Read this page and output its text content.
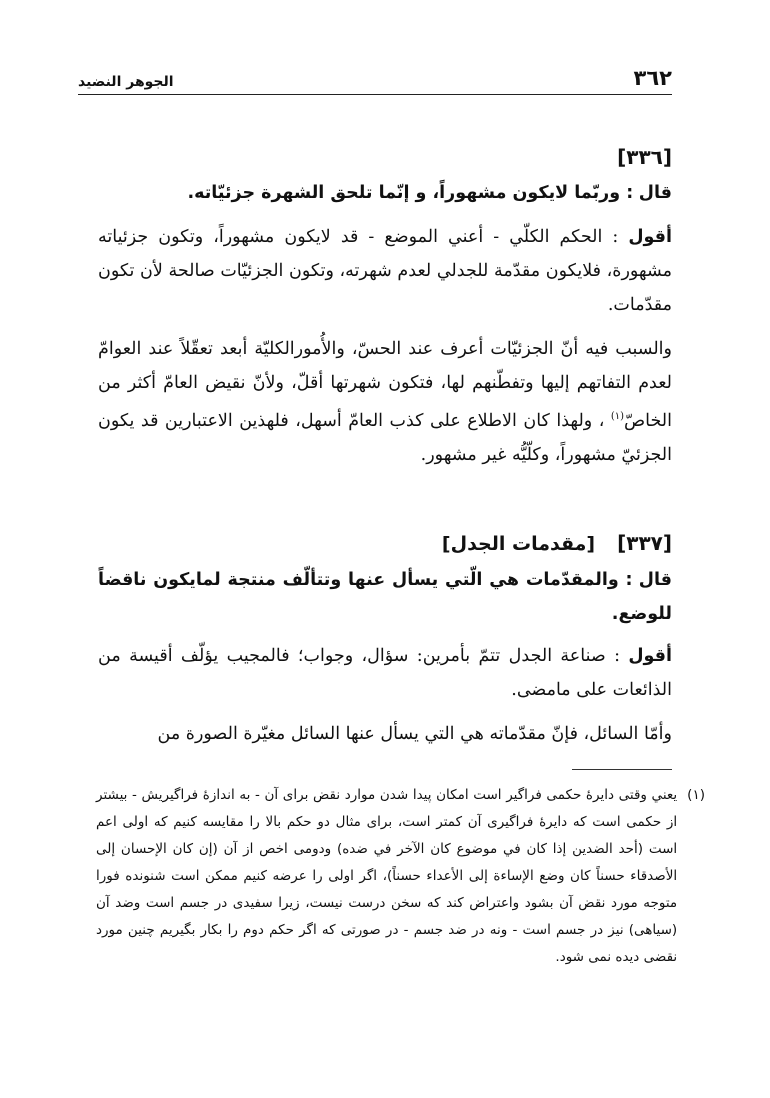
٣٦٢
الجوهر النضيد

[٣٣٦]

قال : وربّما لايكون مشهوراً، و إنّما تلحق الشهرة جزئيّاته.

أقول : الحكم الكلّي - أعني الموضع - قد لايكون مشهوراً، وتكون جزئياته مشهورة، فلايكون مقدّمة للجدلي لعدم شهرته، وتكون الجزئيّات صالحة لأن تكون مقدّمات.

والسبب فيه أنّ الجزئيّات أعرف عند الحسّ، والأُمورالكليّة أبعد تعقّلاً عند العوامّ لعدم التفاتهم إليها وتفطّنهم لها، فتكون شهرتها أقلّ، ولأنّ نقيض العامّ أكثر من الخاصّ$^{(١)}$ ، ولهذا كان الاطلاع على كذب العامّ أسهل، فلهذين الاعتبارين قد يكون الجزئيّ مشهوراً، وكلّيُّه غير مشهور.

[٣٣٧]
[مقدمات الجدل]

قال : والمقدّمات هي الّتي يسأل عنها وتتألّف منتجة لمايكون ناقضاً للوضع.

أقول : صناعة الجدل تتمّ بأمرين: سؤال، وجواب؛ فالمجيب يؤلّف أقيسة من الذائعات على مامضى.

وأمّا السائل، فإنّ مقدّماته هي التي يسأل عنها السائل مغيّرة الصورة من

(١)
يعني وقتى دايرهٔ حكمى فراگير است امكان پيدا شدن موارد نقض براى آن - به اندازهٔ فراگيريش - بيشتر از حكمى است كه دايرهٔ فراگيرى آن كمتر است، براى مثال دو حكم بالا را مقايسه كنيم كه اولى اعم است (أحد الضدين إذا كان في موضوع كان الآخر في ضده) ودومى اخص از آن (إن كان الإحسان إلى الأصدقاء حسناً كان وضع الإساءة إلى الأعداء حسناً)، اگر اولى را عرضه كنيم ممكن است شنونده فورا متوجه مورد نقض آن بشود واعتراض كند كه سخن درست نيست، زيرا سفيدى در جسم است وضد آن (سياهى) نيز در جسم است - ونه در ضد جسم - در صورتى كه اگر حكم دوم را بكار بگيريم چنين مورد نقضى ديده نمى شود.
